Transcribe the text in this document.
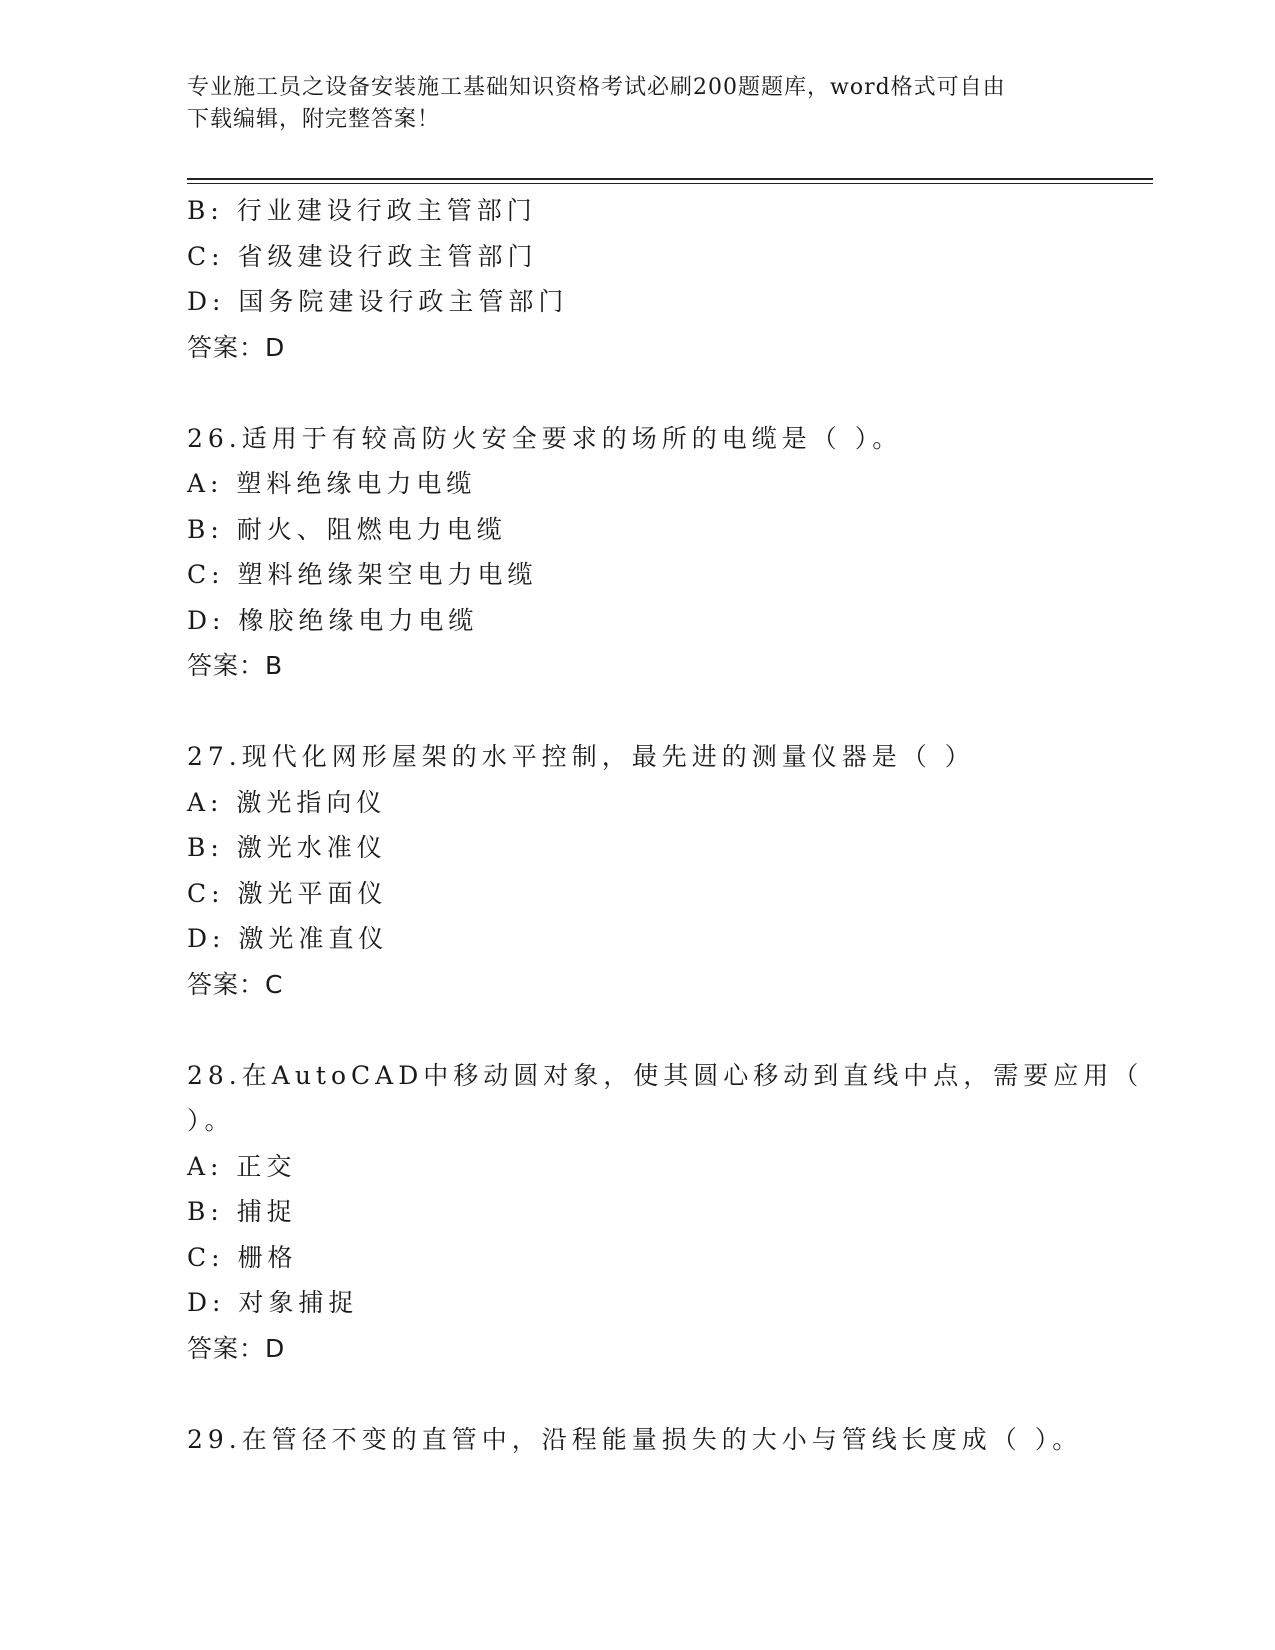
专业施工员之设备安装施工基础知识资格考试必刷200题题库，word格式可自由
下载编辑，附完整答案！
B: 行业建设行政主管部门
C: 省级建设行政主管部门
D: 国务院建设行政主管部门
答案：D
26.适用于有较高防火安全要求的场所的电缆是（ ）。
A: 塑料绝缘电力电缆
B: 耐火、阻燃电力电缆
C: 塑料绝缘架空电力电缆
D: 橡胶绝缘电力电缆
答案：B
27.现代化网形屋架的水平控制，最先进的测量仪器是（ ）
A: 激光指向仪
B: 激光水准仪
C: 激光平面仪
D: 激光准直仪
答案：C
28.在AutoCAD中移动圆对象，使其圆心移动到直线中点，需要应用（
）。
A: 正交
B: 捕捉
C: 栅格
D: 对象捕捉
答案：D
29.在管径不变的直管中，沿程能量损失的大小与管线长度成（ ）。
